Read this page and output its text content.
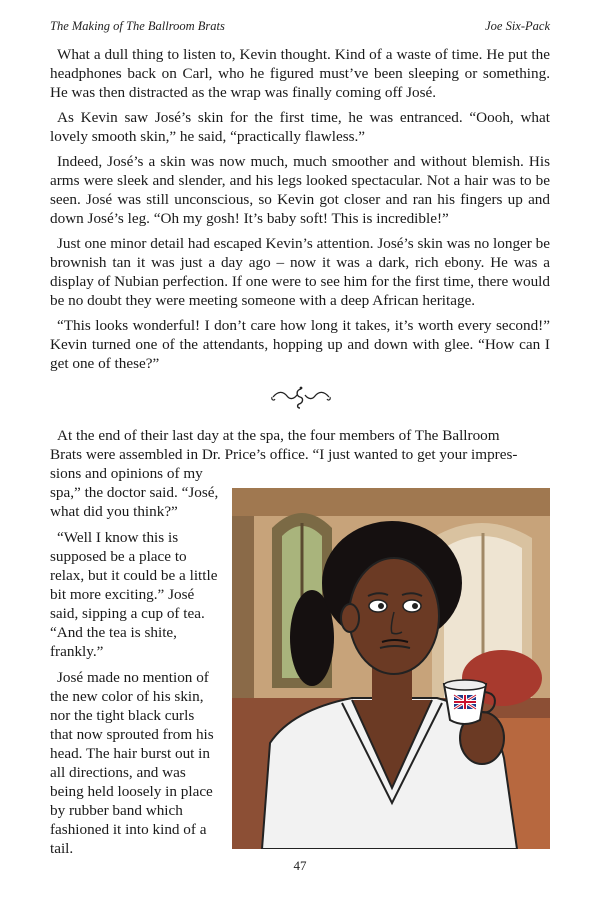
The Making of The Ballroom Brats	Joe Six-Pack

What a dull thing to listen to, Kevin thought. Kind of a waste of time. He put the headphones back on Carl, who he figured must’ve been sleeping or something. He was then distracted as the wrap was finally coming off José.

As Kevin saw José’s skin for the first time, he was entranced. “Oooh, what lovely smooth skin,” he said, “practically flawless.”

Indeed, José’s a skin was now much, much smoother and without blemish. His arms were sleek and slender, and his legs looked spectacular. Not a hair was to be seen. José was still unconscious, so Kevin got closer and ran his fingers up and down José’s leg. “Oh my gosh! It’s baby soft! This is incredible!”

Just one minor detail had escaped Kevin’s attention. José’s skin was no longer be brownish tan it was just a day ago – now it was a dark, rich ebony. He was a display of Nubian perfection. If one were to see him for the first time, there would be no doubt they were meeting someone with a deep African heritage.

“This looks wonderful! I don’t care how long it takes, it’s worth every second!” Kevin turned one of the attendants, hopping up and down with glee. “How can I get one of these?”

At the end of their last day at the spa, the four members of The Ballroom
Brats were assembled in Dr. Price’s office. “I just wanted to get your impres-

sions and opinions of my spa,” the doctor said. “José, what did you think?”

“Well I know this is supposed be a place to relax, but it could be a little bit more exciting.” José said, sipping a cup of tea. “And the tea is shite, frankly.”

José made no mention of the new color of his skin, nor the tight black curls that now sprouted from his head. The hair burst out in all directions, and was being held loosely in place by rubber band which fashioned it into kind of a tail.

47
